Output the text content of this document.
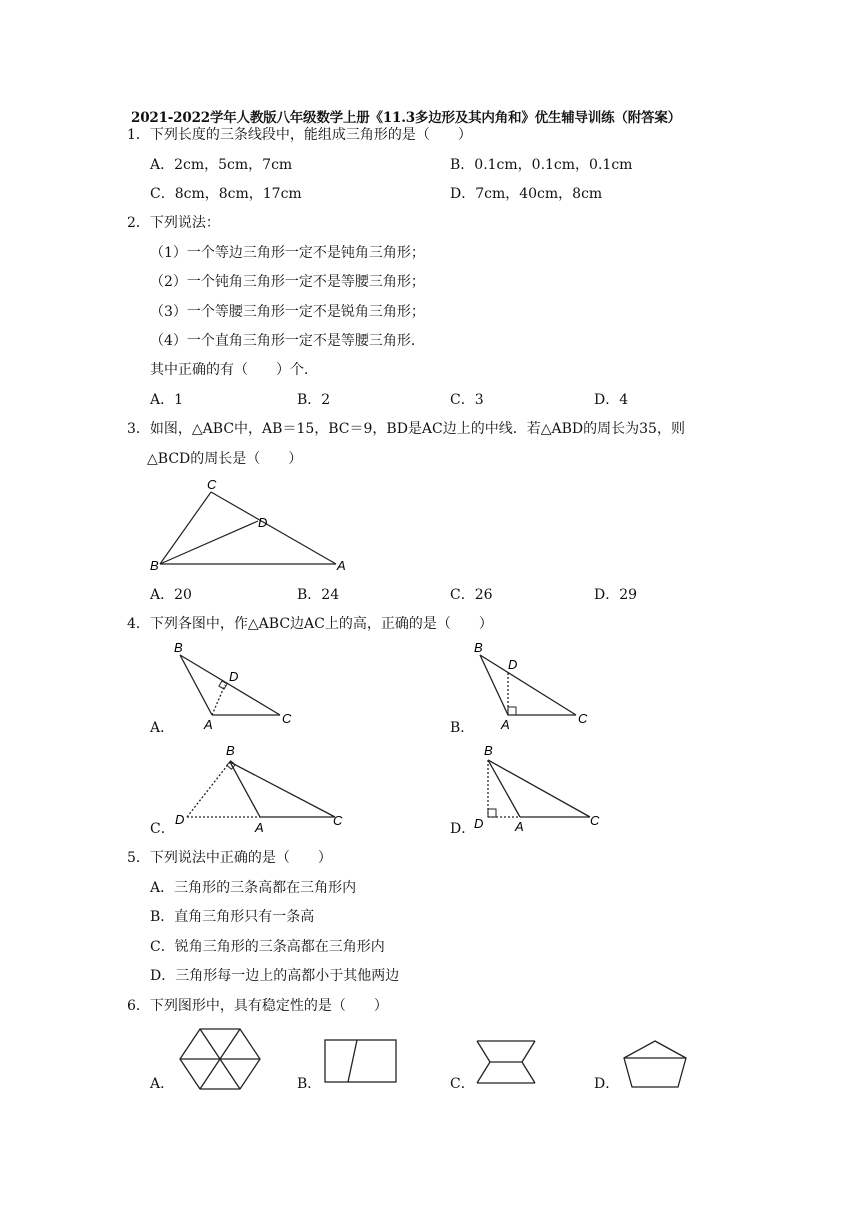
2021-2022学年人教版八年级数学上册《11.3多边形及其内角和》优生辅导训练（附答案）
1．下列长度的三条线段中，能组成三角形的是（　　）
A．2cm，5cm，7cm	B．0.1cm，0.1cm，0.1cm
C．8cm，8cm，17cm	D．7cm，40cm，8cm
2．下列说法：
（1）一个等边三角形一定不是钝角三角形；
（2）一个钝角三角形一定不是等腰三角形；
（3）一个等腰三角形一定不是锐角三角形；
（4）一个直角三角形一定不是等腰三角形．
其中正确的有（　　）个．
A．1	B．2	C．3	D．4
3．如图，△ABC中，AB＝15，BC＝9，BD是AC边上的中线．若△ABD的周长为35，则
△BCD的周长是（　　）
C
D
B	A
A．20	B．24	C．26	D．29
4．下列各图中，作△ABC边AC上的高，正确的是（　　）
B
D
A	C
A．
B
D
A	C
B．
B
D
A	C
C．
B
D A	C
D．
5．下列说法中正确的是（　　）
A．三角形的三条高都在三角形内
B．直角三角形只有一条高
C．锐角三角形的三条高都在三角形内
D．三角形每一边上的高都小于其他两边
6．下列图形中，具有稳定性的是（　　）
A．	B．	C．	D．
